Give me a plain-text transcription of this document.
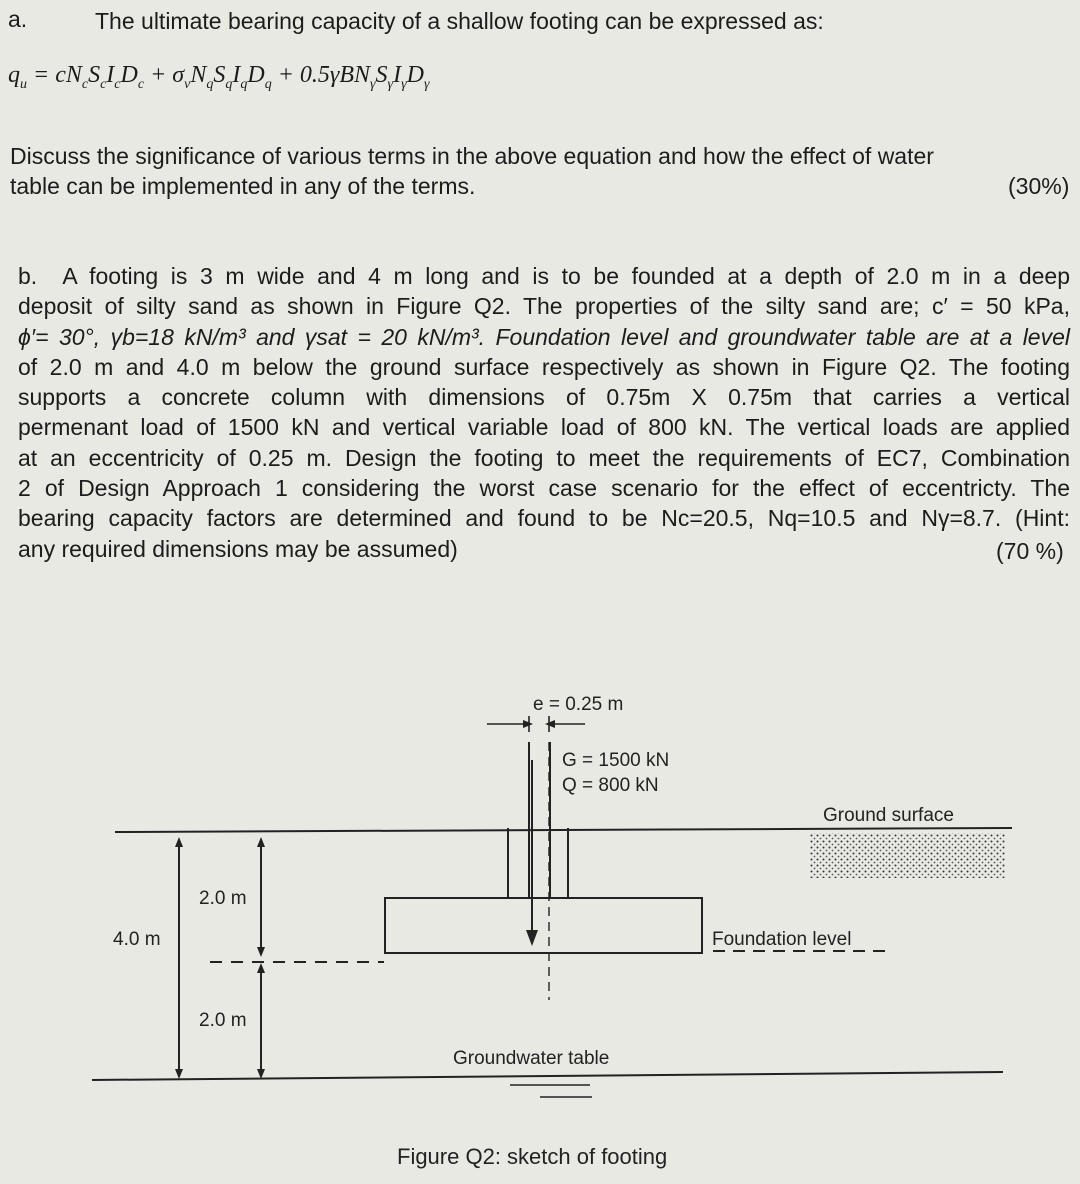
a.	The ultimate bearing capacity of a shallow footing can be expressed as:
$q_u = cN_cS_cI_cD_c + \sigma_vN_qS_qI_qD_q + 0.5\gamma BN_\gamma S_\gamma I_\gamma D_\gamma$
Discuss the significance of various terms in the above equation and how the effect of water
table can be implemented in any of the terms.	(30%)
b. A footing is 3 m wide and 4 m long and is to be founded at a depth of 2.0 m in a deep
deposit of silty sand as shown in Figure Q2. The properties of the silty sand are; c′ = 50 kPa,
ϕ′= 30°, γb=18 kN/m³ and γsat = 20 kN/m³. Foundation level and groundwater table are at a level
of 2.0 m and 4.0 m below the ground surface respectively as shown in Figure Q2. The footing
supports a concrete column with dimensions of 0.75m X 0.75m that carries a vertical
permenant load of 1500 kN and vertical variable load of 800 kN. The vertical loads are applied
at an eccentricity of 0.25 m. Design the footing to meet the requirements of EC7, Combination
2 of Design Approach 1 considering the worst case scenario for the effect of eccentricty. The
bearing capacity factors are determined and found to be Nc=20.5, Nq=10.5 and Nγ=8.7. (Hint:
any required dimensions may be assumed)	(70 %)
e = 0.25 m
G = 1500 kN
Q = 800 kN
Ground surface
Foundation level
Groundwater table
4.0 m
2.0 m
2.0 m
Figure Q2: sketch of footing
